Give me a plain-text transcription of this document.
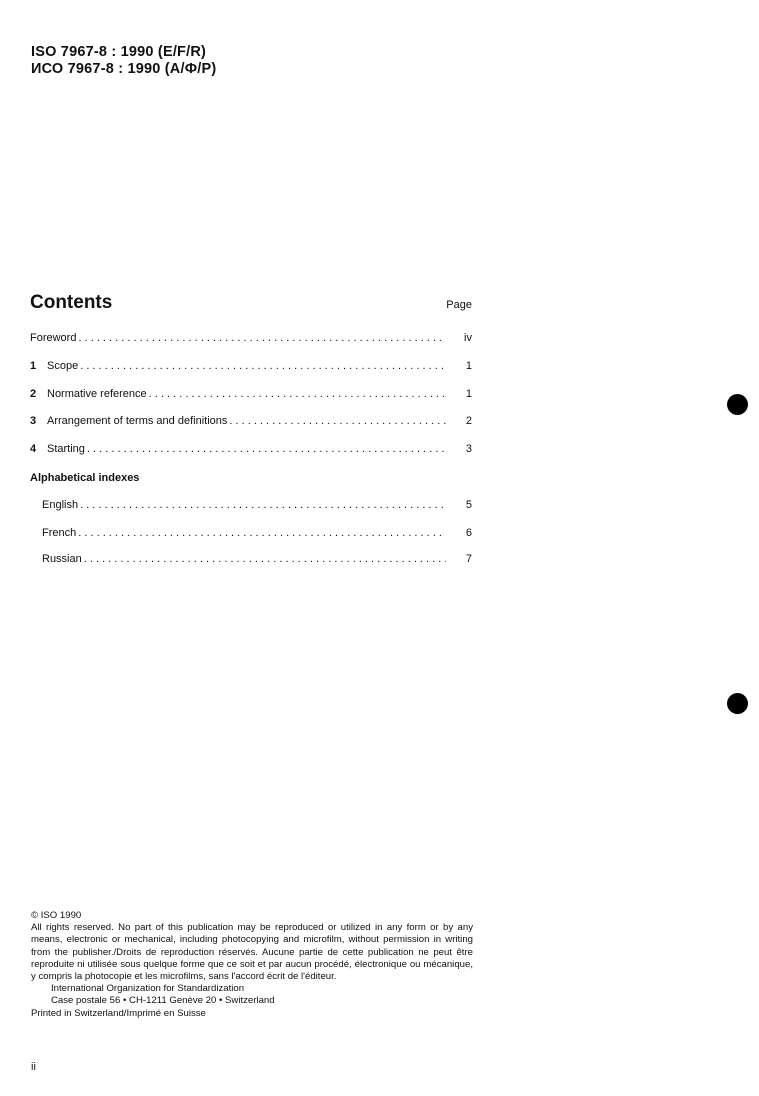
ISO 7967-8 : 1990 (E/F/R)
ИСО 7967-8 : 1990 (А/Ф/Р)
Contents	Page
Foreword . . .	iv
1 Scope . . .	1
2 Normative reference . . .	1
3 Arrangement of terms and definitions . . .	2
4 Starting . . .	3
Alphabetical indexes
English . . .	5
French . . .	6
Russian . . .	7
© ISO 1990
All rights reserved. No part of this publication may be reproduced or utilized in any form or by any means, electronic or mechanical, including photocopying and microfilm, without permission in writing from the publisher./Droits de reproduction réservés. Aucune partie de cette publication ne peut être reproduite ni utilisée sous quelque forme que ce soit et par aucun procédé, électronique ou mécanique, y compris la photocopie et les microfilms, sans l'accord écrit de l'éditeur.
International Organization for Standardization
Case postale 56 • CH-1211 Genève 20 • Switzerland
Printed in Switzerland/Imprimé en Suisse
ii
